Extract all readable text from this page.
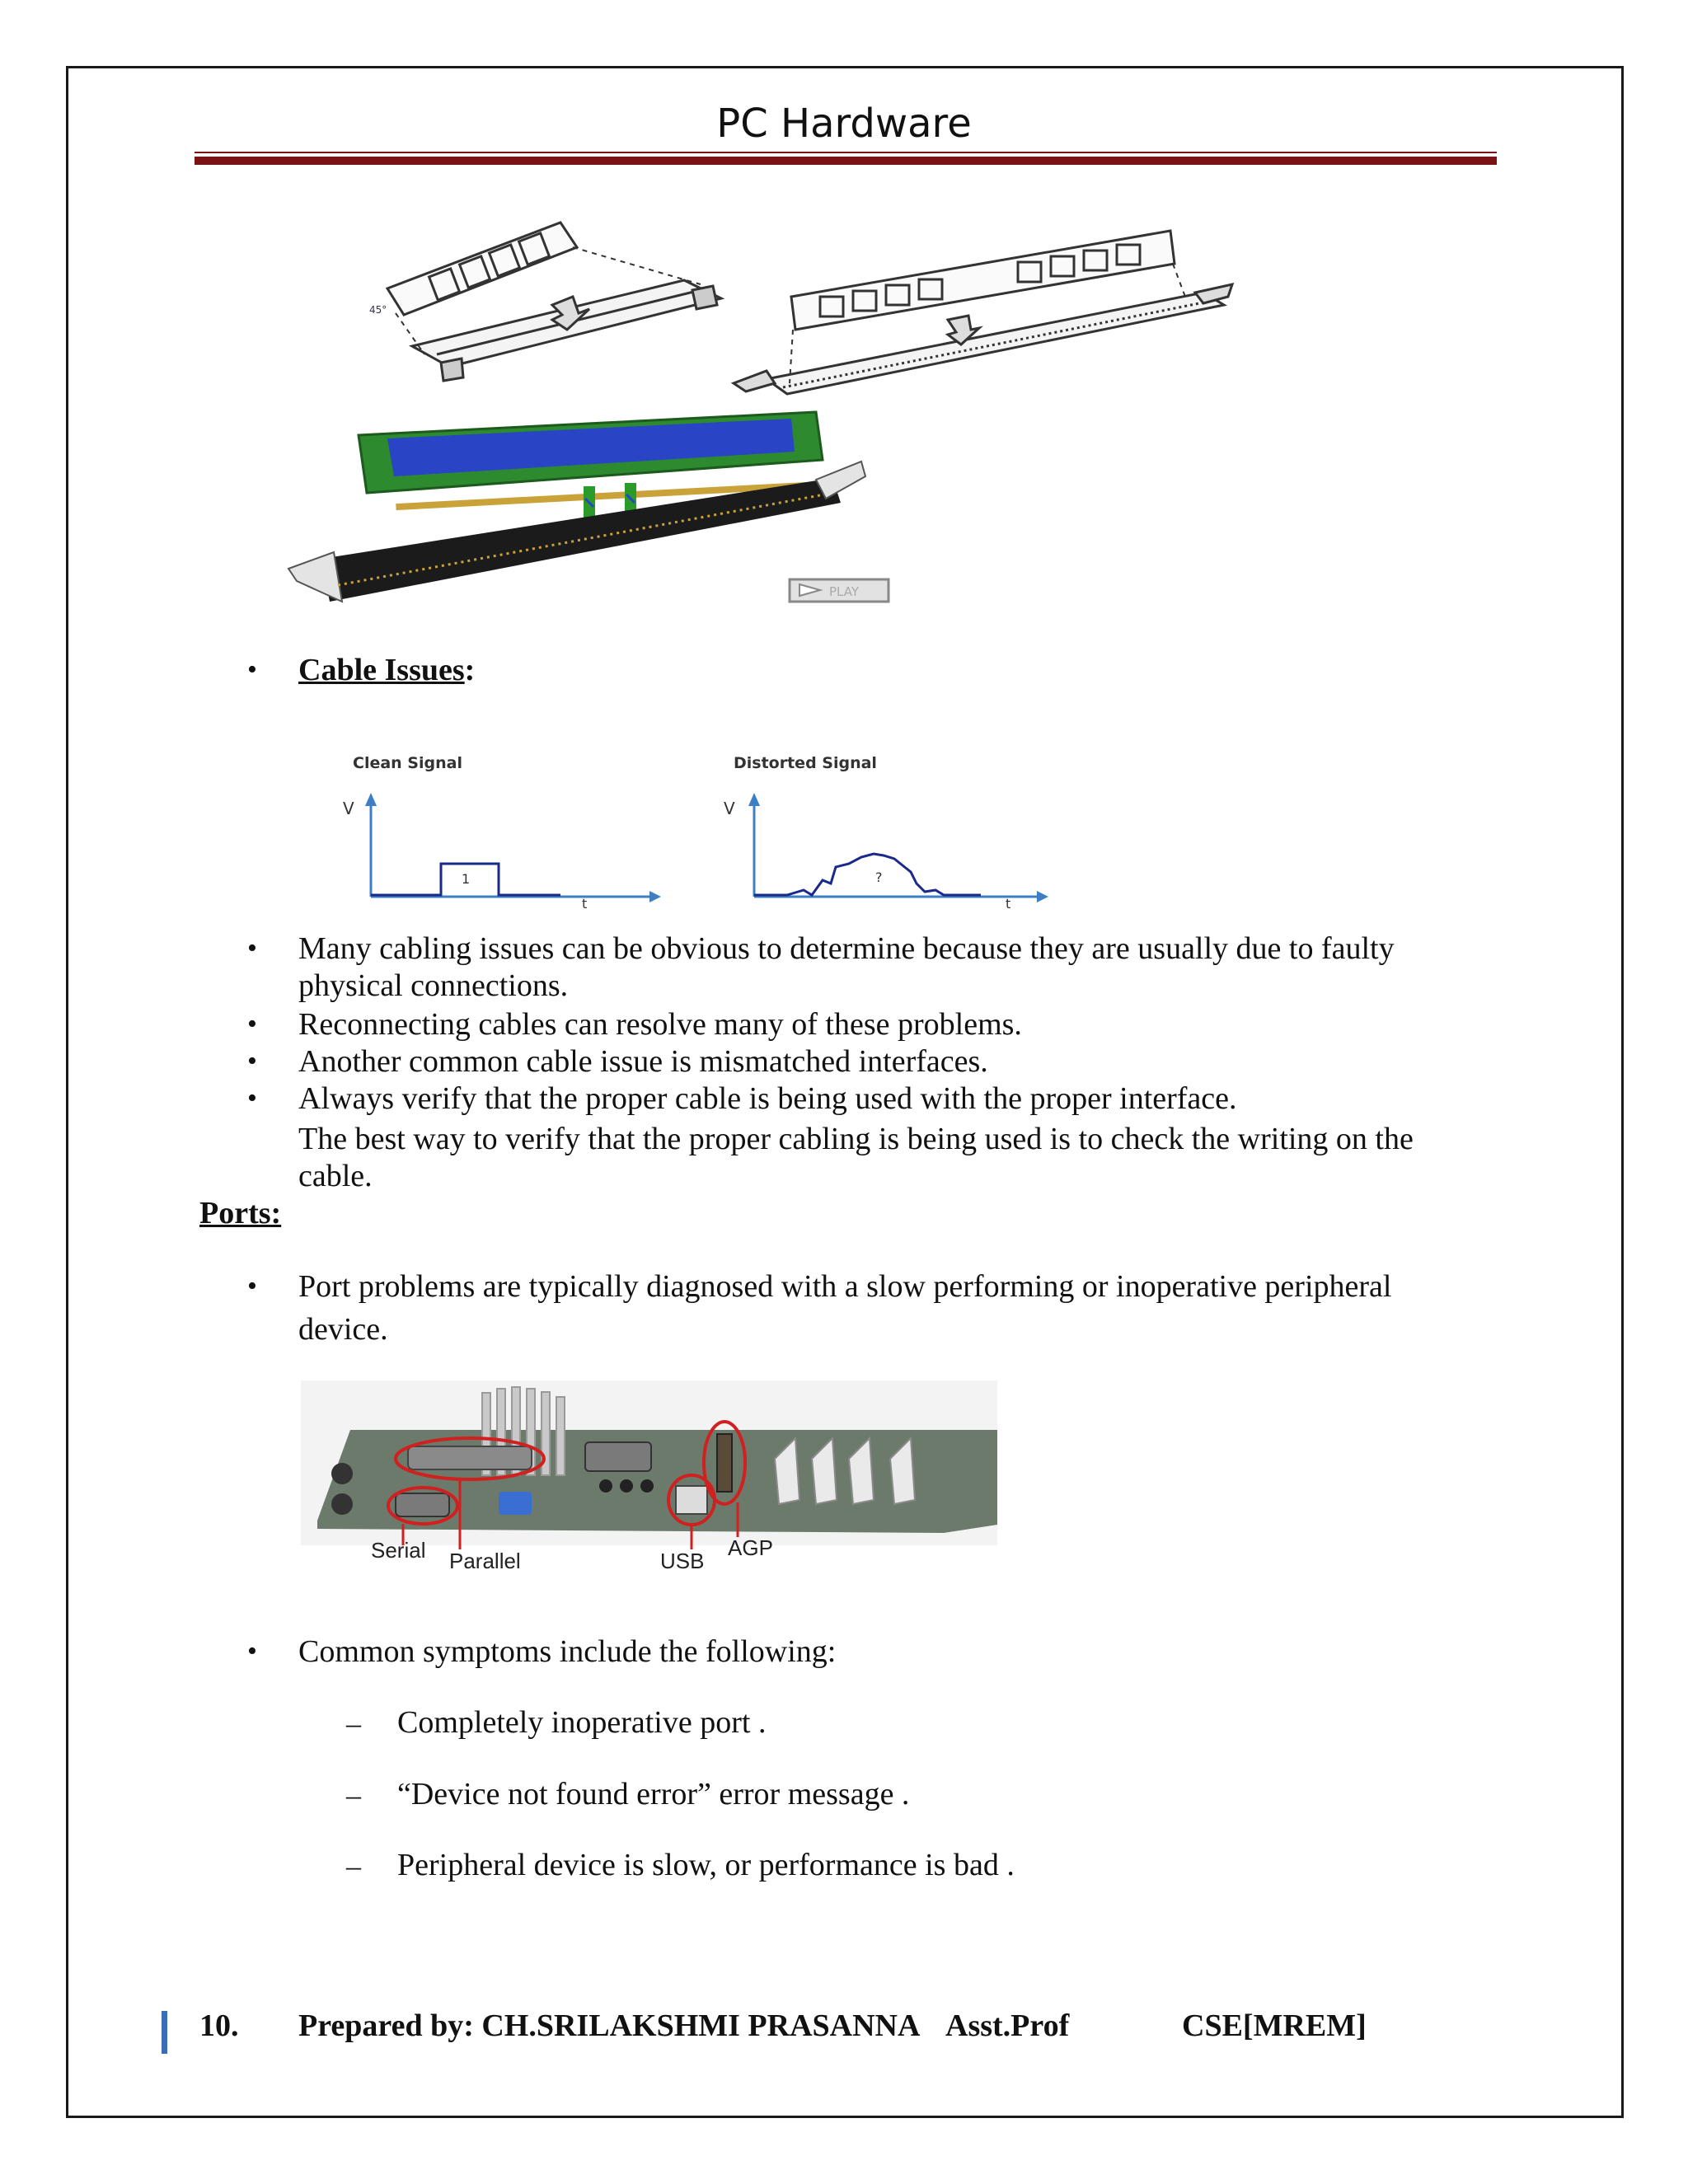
PC Hardware
45°
PLAY
• Cable Issues:
Clean Signal	Distorted Signal
V	V
t	t
1	?
• Many cabling issues can be obvious to determine because they are usually due to faulty
physical connections.
• Reconnecting cables can resolve many of these problems.
• Another common cable issue is mismatched interfaces.
• Always verify that the proper cable is being used with the proper interface.
The best way to verify that the proper cabling is being used is to check the writing on the
cable.
Ports:
• Port problems are typically diagnosed with a slow performing or inoperative peripheral
device.
Serial Parallel	USB
AGP
• Common symptoms include the following:
– Completely inoperative port .
– “Device not found error” error message .
– Peripheral device is slow, or performance is bad .
10. Prepared by: CH.SRILAKSHMI PRASANNA Asst.Prof	CSE[MREM]
